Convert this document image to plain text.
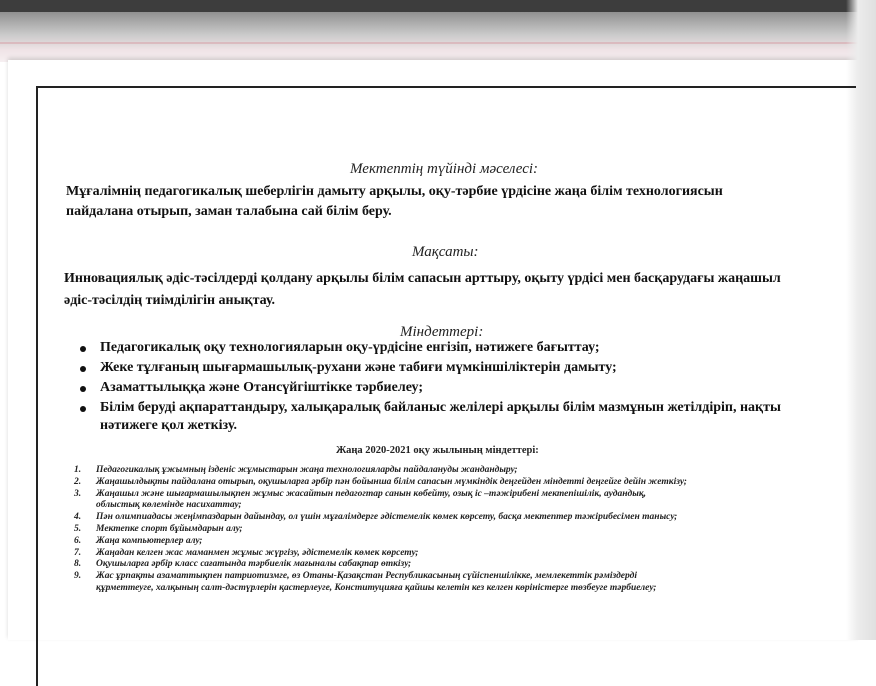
Мектептің түйінді мәселесі:
Мұғалімнің педагогикалық шеберлігін дамыту арқылы, оқу-тәрбие үрдісіне жаңа білім технологиясын
пайдалана отырып, заман талабына сай білім беру.
Мақсаты:
Инновациялық әдіс-тәсілдерді қолдану арқылы білім сапасын арттыру, оқыту үрдісі мен басқарудағы жаңашыл
әдіс-тәсілдің тиімділігін анықтау.
Міндеттері:
Педагогикалық оқу технологияларын оқу-үрдісіне енгізіп, нәтижеге бағыттау;
Жеке тұлғаның шығармашылық-рухани және табиғи мүмкіншіліктерін дамыту;
Азаматтылыққа және Отансүйгіштікке тәрбиелеу;
Білім беруді ақпараттандыру, халықаралық байланыс желілері арқылы білім мазмұнын жетілдіріп, нақты
нәтижеге қол жеткізу.
Жаңа 2020-2021 оқу жылының міндеттері:
1. Педагогикалық ұжымның ізденіс жұмыстарын жаңа технологияларды пайдалануды жандандыру;
2. Жаңашылдықты пайдалана отырып, оқушыларға әрбір пән бойынша білім сапасын мүмкіндік деңгейден міндетті деңгейге дейін жеткізу;
3. Жаңашыл және шығармашылықпен жұмыс жасайтын педагогтар санын көбейту, озық іс –тәжірибені мектепішілік, аудандық,
облыстық көлемінде насихаттау;
4. Пән олимпиадасы жеңімпаздарын дайындау, ол үшін мұғалімдерге әдістемелік көмек көрсету, басқа мектептер тәжірибесімен танысу;
5. Мектепке спорт бұйымдарын алу;
6. Жаңа компьютерлер алу;
7. Жаңадан келген жас маманмен жұмыс жүргізу, әдістемелік көмек көрсету;
8. Оқушыларға әрбір класс сағатында тәрбиелік мағыналы сабақтар өткізу;
9. Жас ұрпақты азаматтықпен патриотизмге, өз Отаны-Қазақстан Республикасының сүйіспеншілікке, мемлекеттік рәміздерді
құрметтеуге, халқының салт-дәстүрлерін қастерлеуге, Конституцияға қайшы келетін кез келген көріністерге төзбеуге тәрбиелеу;
